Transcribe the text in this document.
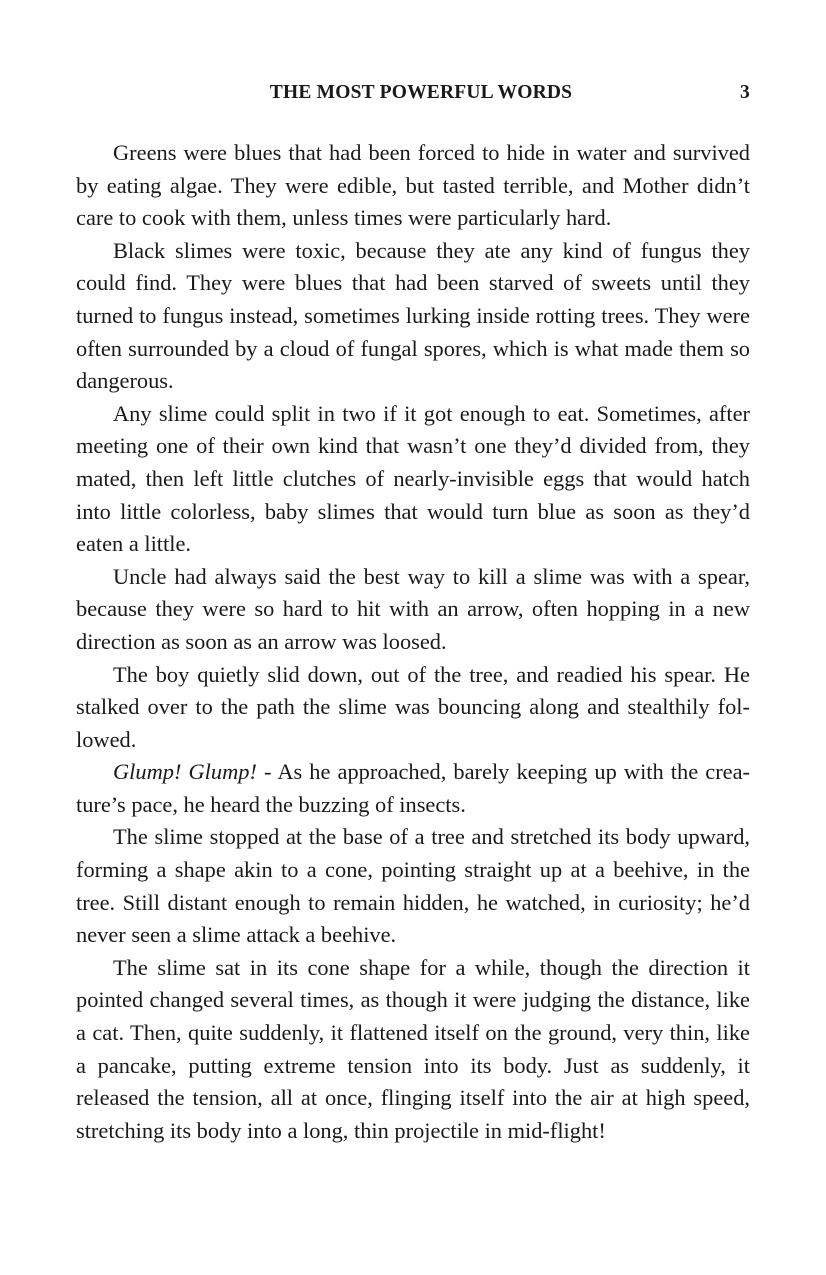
THE MOST POWERFUL WORDS	3

Greens were blues that had been forced to hide in water and survived by eating algae. They were edible, but tasted terrible, and Mother didn’t care to cook with them, unless times were particularly hard.

Black slimes were toxic, because they ate any kind of fungus they could find. They were blues that had been starved of sweets until they turned to fungus instead, sometimes lurking inside rotting trees. They were often surrounded by a cloud of fungal spores, which is what made them so dangerous.

Any slime could split in two if it got enough to eat. Sometimes, after meeting one of their own kind that wasn’t one they’d divided from, they mated, then left little clutches of nearly-invisible eggs that would hatch into little colorless, baby slimes that would turn blue as soon as they’d eaten a little.

Uncle had always said the best way to kill a slime was with a spear, because they were so hard to hit with an arrow, often hopping in a new direction as soon as an arrow was loosed.

The boy quietly slid down, out of the tree, and readied his spear. He stalked over to the path the slime was bouncing along and stealthily followed.

Glump! Glump! - As he approached, barely keeping up with the creature’s pace, he heard the buzzing of insects.

The slime stopped at the base of a tree and stretched its body upward, forming a shape akin to a cone, pointing straight up at a beehive, in the tree. Still distant enough to remain hidden, he watched, in curiosity; he’d never seen a slime attack a beehive.

The slime sat in its cone shape for a while, though the direction it pointed changed several times, as though it were judging the distance, like a cat. Then, quite suddenly, it flattened itself on the ground, very thin, like a pancake, putting extreme tension into its body. Just as suddenly, it released the tension, all at once, flinging itself into the air at high speed, stretching its body into a long, thin projectile in mid-flight!
